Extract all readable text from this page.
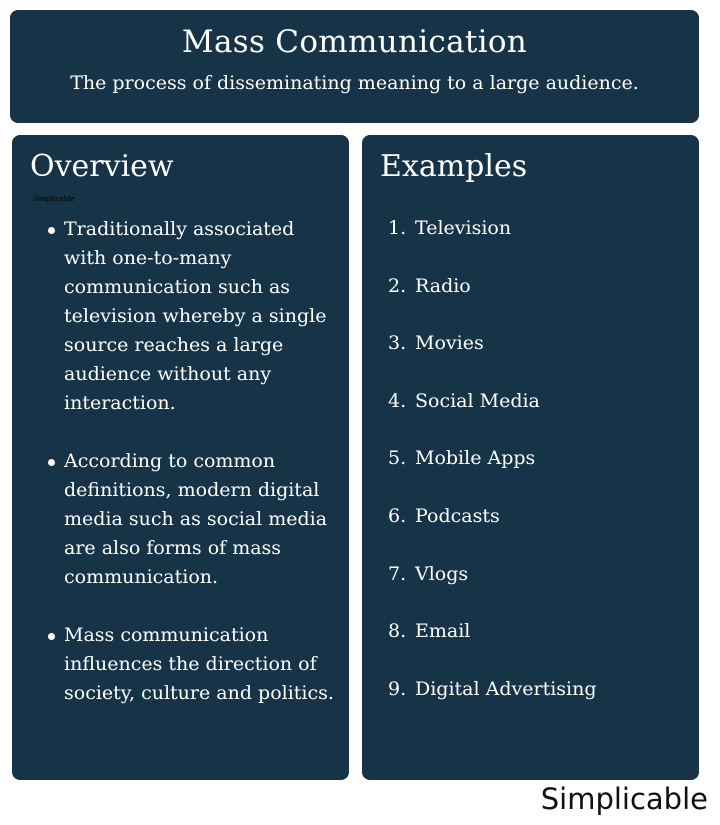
Mass Communication
The process of disseminating meaning to a large audience.
Overview
Simplicable
Traditionally associated with one-to-many communication such as television whereby a single source reaches a large audience without any interaction.
According to common definitions, modern digital media such as social media are also forms of mass communication.
Mass communication influences the direction of society, culture and politics.
Examples
1. Television
2. Radio
3. Movies
4. Social Media
5. Mobile Apps
6. Podcasts
7. Vlogs
8. Email
9. Digital Advertising
Simplicable
